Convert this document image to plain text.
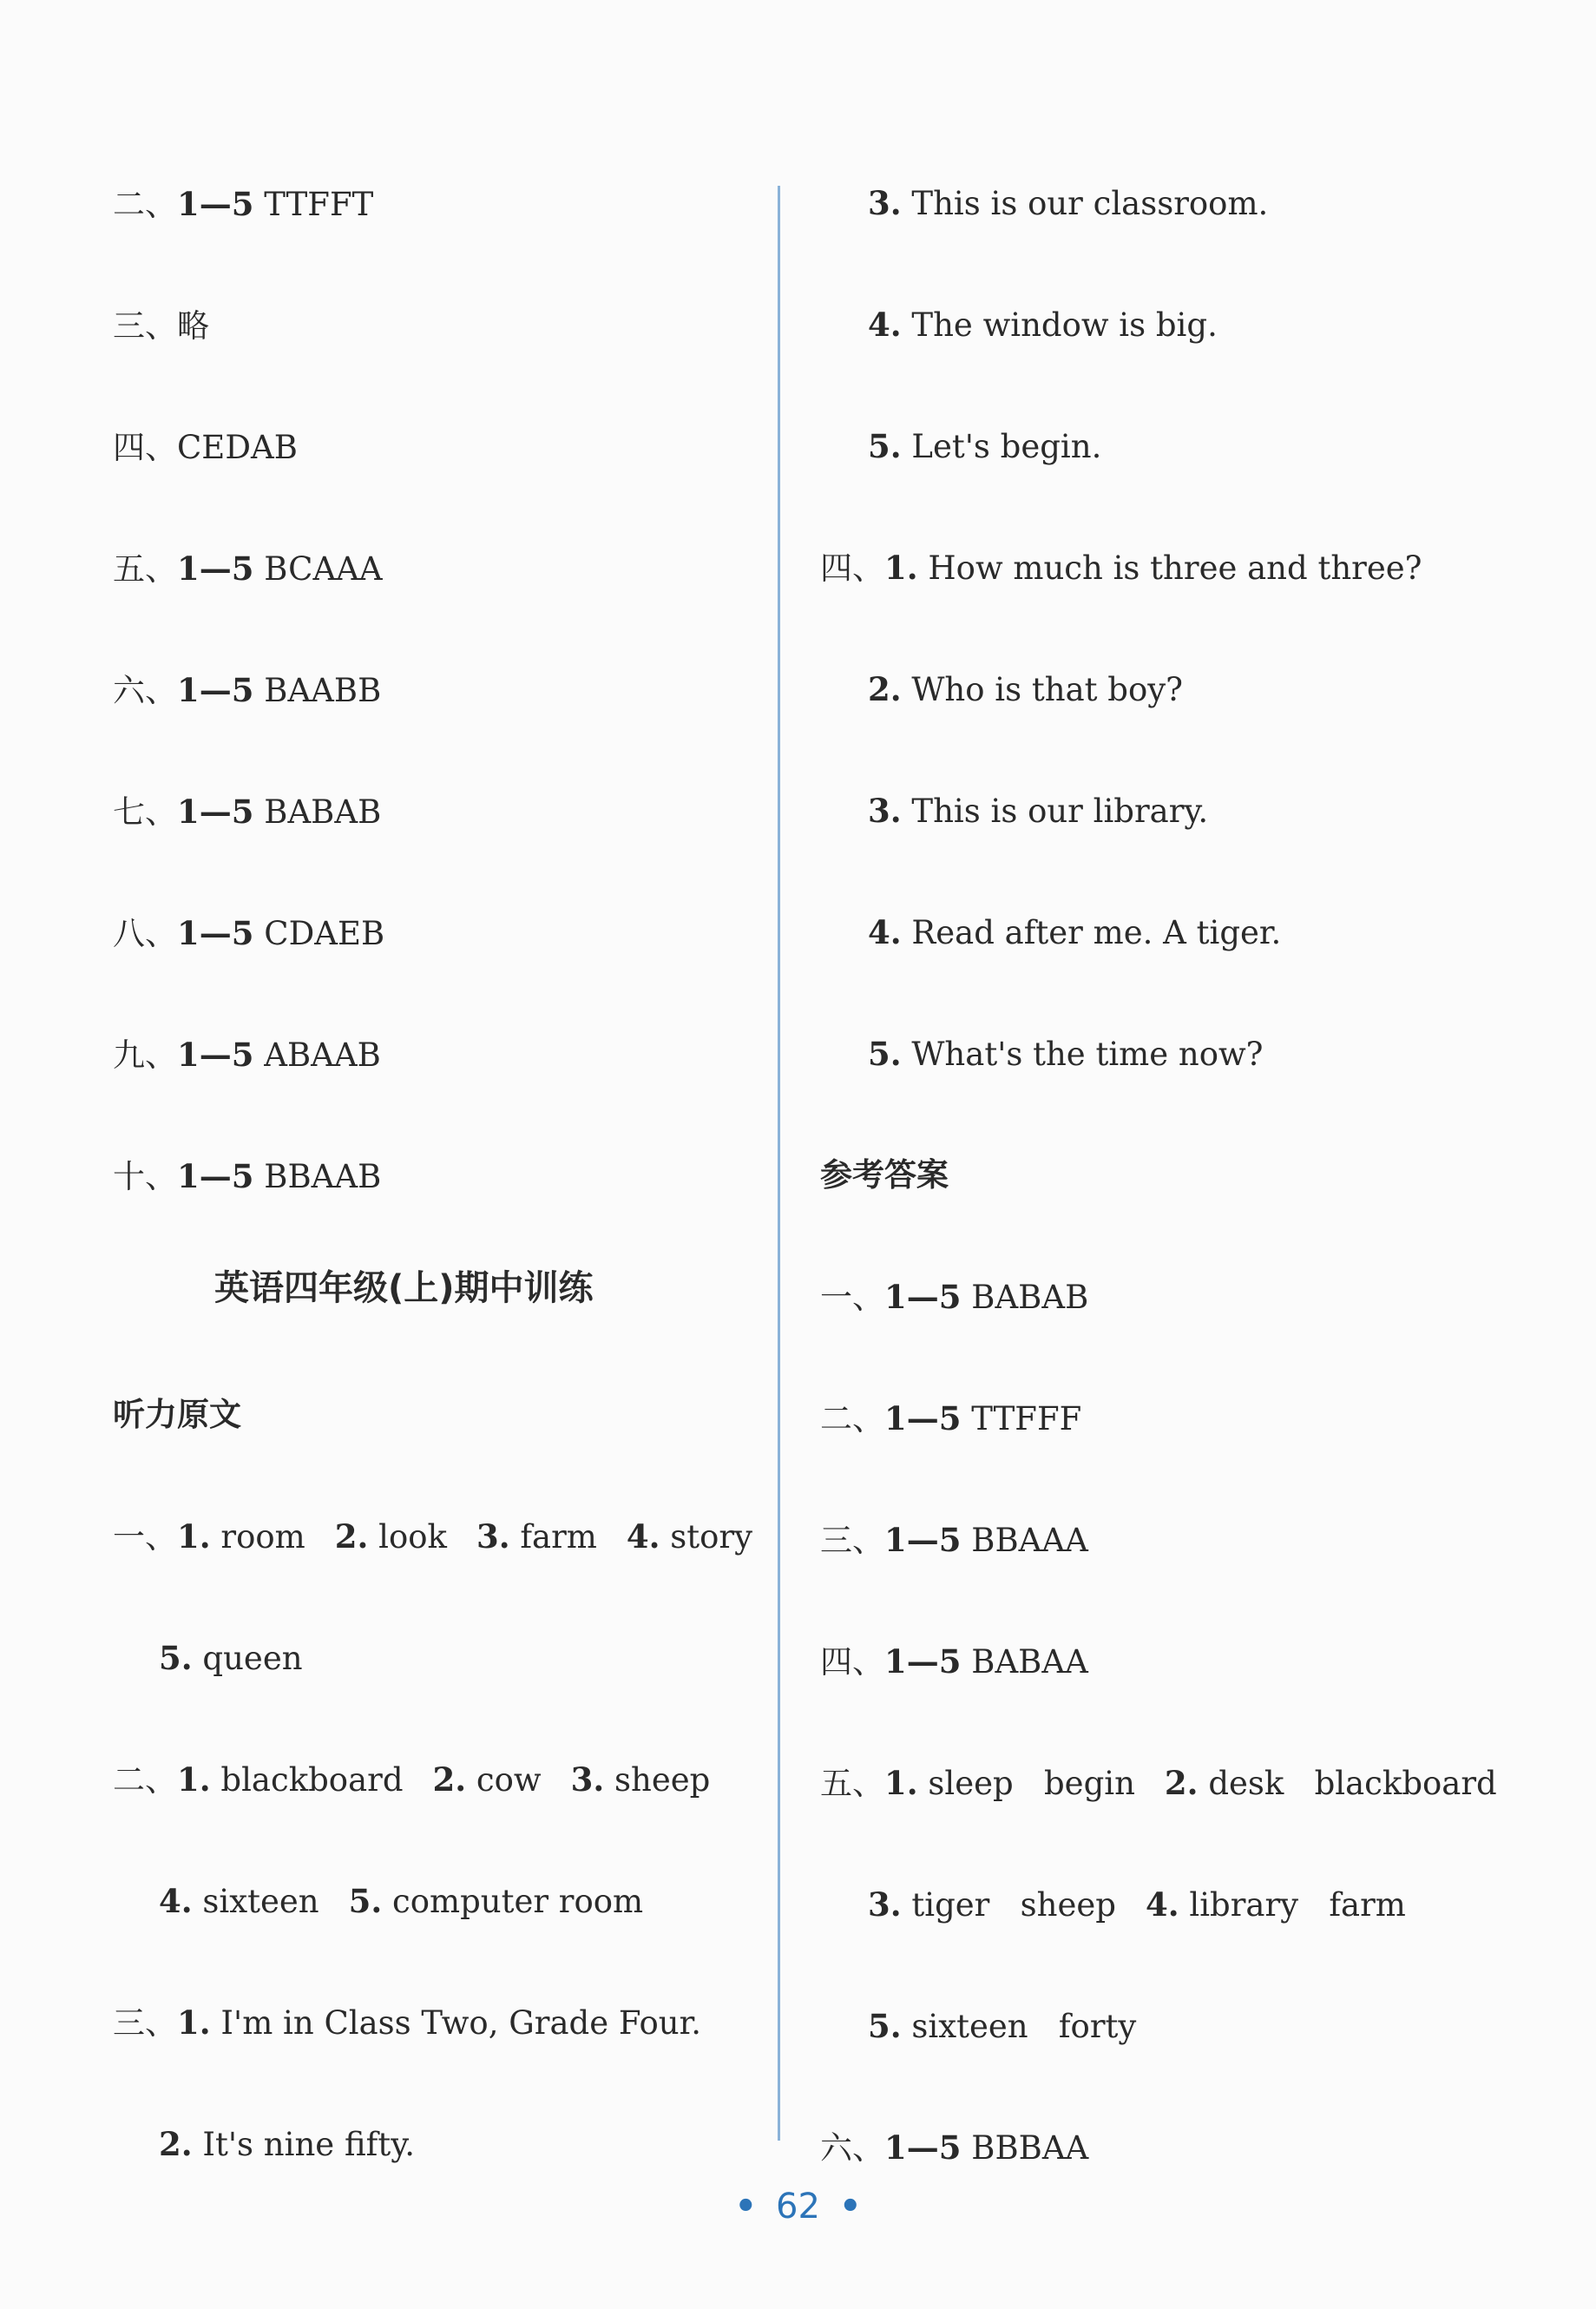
二、1—5 TTFFT
三、略
四、CEDAB
五、1—5 BCAAA
六、1—5 BAABB
七、1—5 BABAB
八、1—5 CDAEB
九、1—5 ABAAB
十、1—5 BBAAB
英语四年级(上)期中训练
听力原文
一、1. room 2. look 3. farm 4. story
5. queen
二、1. blackboard 2. cow 3. sheep
4. sixteen 5. computer room
三、1. I'm in Class Two, Grade Four.
2. It's nine fifty.
3. This is our classroom.
4. The window is big.
5. Let's begin.
四、1. How much is three and three?
2. Who is that boy?
3. This is our library.
4. Read after me. A tiger.
5. What's the time now?
参考答案
一、1—5 BABAB
二、1—5 TTFFF
三、1—5 BBAAA
四、1—5 BABAA
五、1. sleep   begin 2. desk   blackboard
3. tiger   sheep 4. library   farm
5. sixteen   forty
六、1—5 BBBAA
• 62 •
